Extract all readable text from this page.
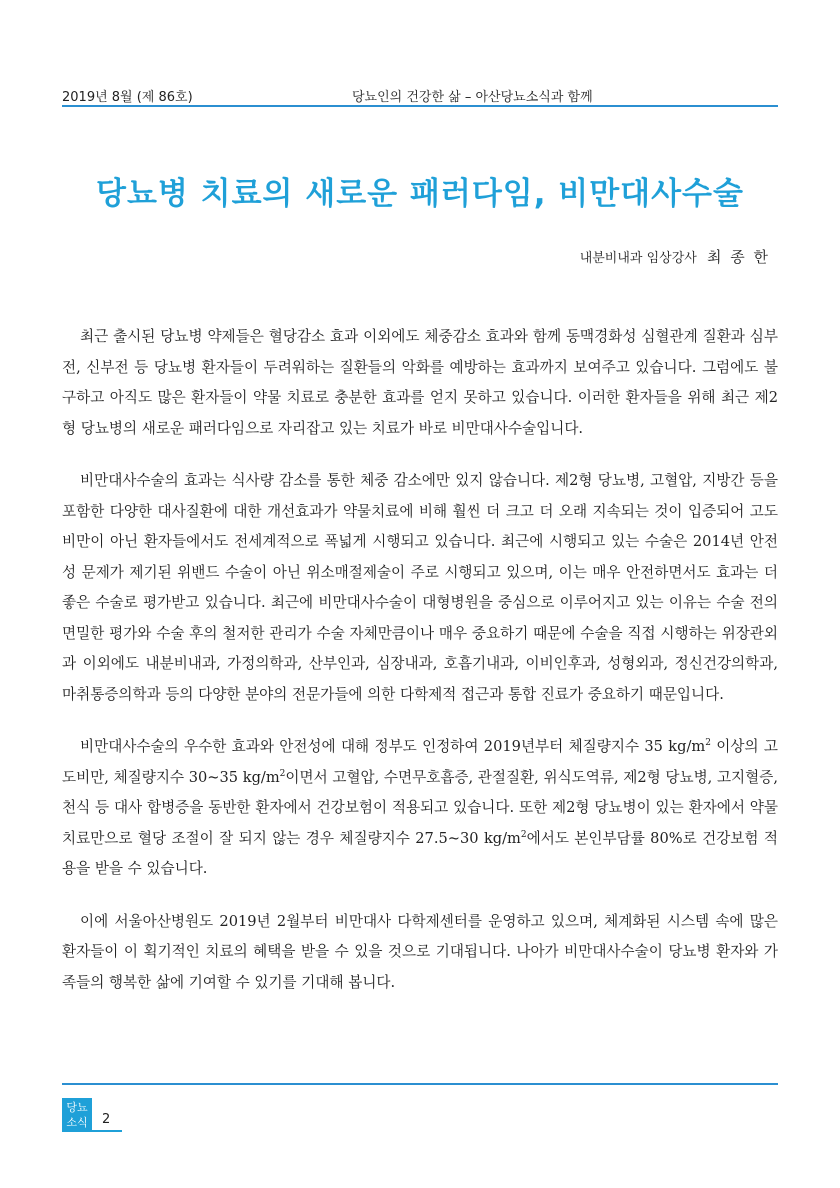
2019년 8월 (제 86호)	당뇨인의 건강한 삶 – 아산당뇨소식과 함께
당뇨병 치료의 새로운 패러다임, 비만대사수술
내분비내과 임상강사 최 종 한

최근 출시된 당뇨병 약제들은 혈당감소 효과 이외에도 체중감소 효과와 함께 동맥경화성 심혈관계 질환과 심부전, 신부전 등 당뇨병 환자들이 두려워하는 질환들의 악화를 예방하는 효과까지 보여주고 있습니다. 그럼에도 불구하고 아직도 많은 환자들이 약물 치료로 충분한 효과를 얻지 못하고 있습니다. 이러한 환자들을 위해 최근 제2형 당뇨병의 새로운 패러다임으로 자리잡고 있는 치료가 바로 비만대사수술입니다.

비만대사수술의 효과는 식사량 감소를 통한 체중 감소에만 있지 않습니다. 제2형 당뇨병, 고혈압, 지방간 등을 포함한 다양한 대사질환에 대한 개선효과가 약물치료에 비해 훨씬 더 크고 더 오래 지속되는 것이 입증되어 고도비만이 아닌 환자들에서도 전세계적으로 폭넓게 시행되고 있습니다. 최근에 시행되고 있는 수술은 2014년 안전성 문제가 제기된 위밴드 수술이 아닌 위소매절제술이 주로 시행되고 있으며, 이는 매우 안전하면서도 효과는 더 좋은 수술로 평가받고 있습니다. 최근에 비만대사수술이 대형병원을 중심으로 이루어지고 있는 이유는 수술 전의 면밀한 평가와 수술 후의 철저한 관리가 수술 자체만큼이나 매우 중요하기 때문에 수술을 직접 시행하는 위장관외과 이외에도 내분비내과, 가정의학과, 산부인과, 심장내과, 호흡기내과, 이비인후과, 성형외과, 정신건강의학과, 마취통증의학과 등의 다양한 분야의 전문가들에 의한 다학제적 접근과 통합 진료가 중요하기 때문입니다.

비만대사수술의 우수한 효과와 안전성에 대해 정부도 인정하여 2019년부터 체질량지수 35 $kg/m^2$ 이상의 고도비만, 체질량지수 30~35 $kg/m^2$이면서 고혈압, 수면무호흡증, 관절질환, 위식도역류, 제2형 당뇨병, 고지혈증, 천식 등 대사 합병증을 동반한 환자에서 건강보험이 적용되고 있습니다. 또한 제2형 당뇨병이 있는 환자에서 약물치료만으로 혈당 조절이 잘 되지 않는 경우 체질량지수 27.5~30 $kg/m^2$에서도 본인부담률 80%로 건강보험 적용을 받을 수 있습니다.

이에 서울아산병원도 2019년 2월부터 비만대사 다학제센터를 운영하고 있으며, 체계화된 시스템 속에 많은 환자들이 이 획기적인 치료의 혜택을 받을 수 있을 것으로 기대됩니다. 나아가 비만대사수술이 당뇨병 환자와 가족들의 행복한 삶에 기여할 수 있기를 기대해 봅니다.

당뇨
소식	2
